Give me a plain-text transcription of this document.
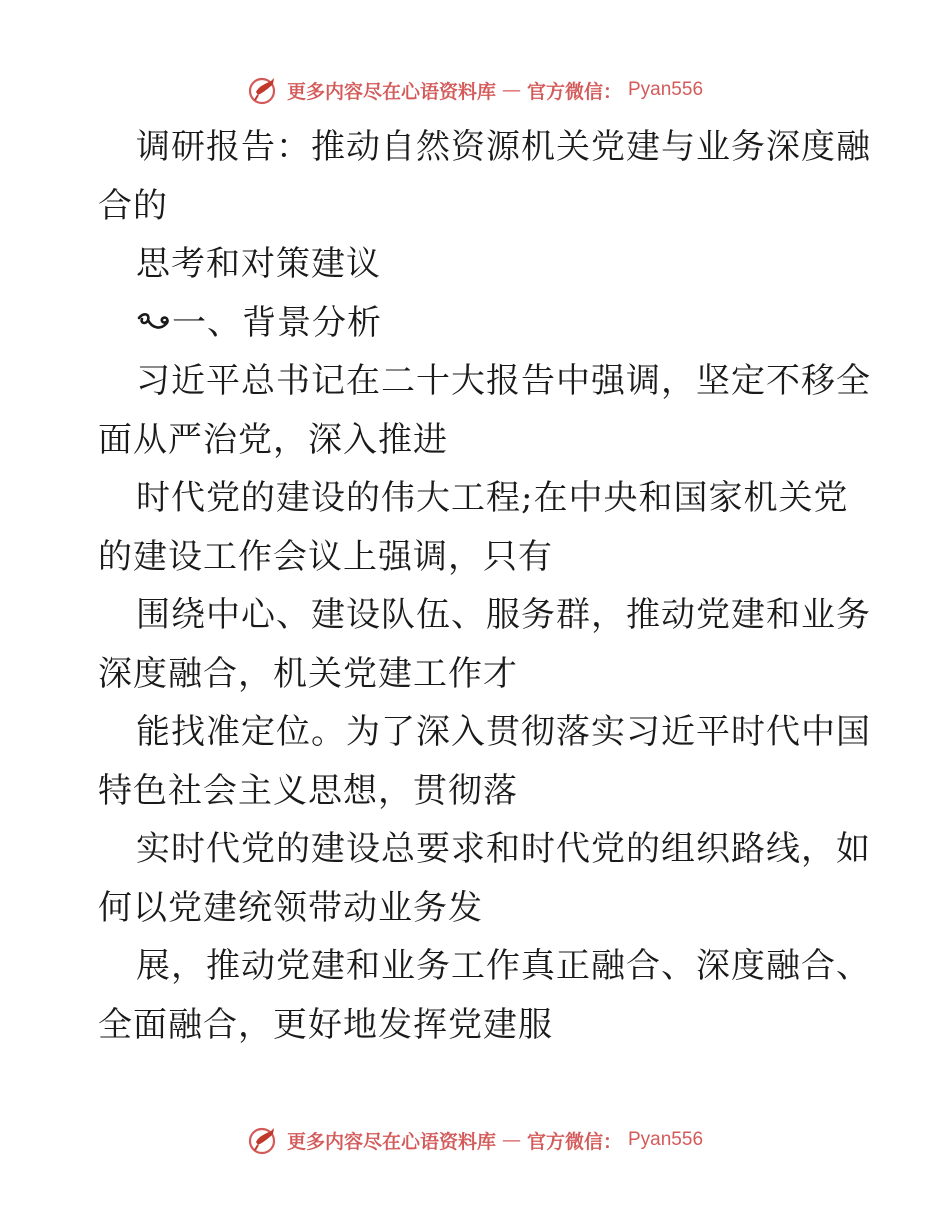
更多内容尽在心语资料库 — 官方微信： Pyan556
调研报告：推动自然资源机关党建与业务深度融
合的
思考和对策建议
一、背景分析
习近平总书记在二十大报告中强调，坚定不移全
面从严治党，深入推进
时代党的建设的伟大工程;在中央和国家机关党
的建设工作会议上强调，只有
围绕中心、建设队伍、服务群，推动党建和业务
深度融合，机关党建工作才
能找准定位。为了深入贯彻落实习近平时代中国
特色社会主义思想，贯彻落
实时代党的建设总要求和时代党的组织路线，如
何以党建统领带动业务发
展，推动党建和业务工作真正融合、深度融合、
全面融合，更好地发挥党建服
更多内容尽在心语资料库 — 官方微信： Pyan556
